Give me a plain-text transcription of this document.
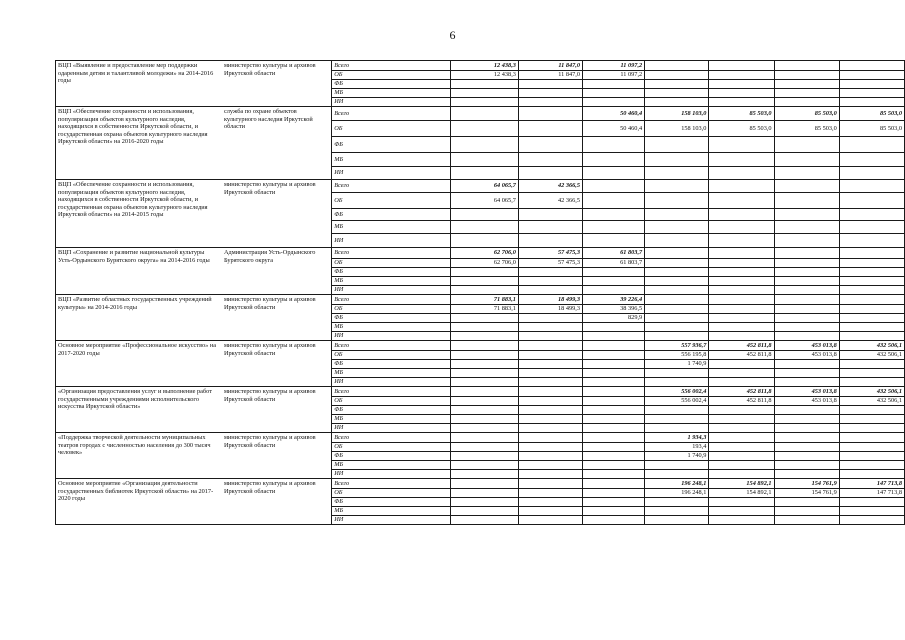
6
ВЦП «Выявление и предоставление мер поддержки одаренным детям и талантливой молодежи» на 2014-2016 годы	министерство культуры и архивов Иркутской области	Всего	12 438,3	11 847,0	11 097,2				
		ОБ	12 438,3	11 847,0	11 097,2				
		ФБ							
		МБ							
		ИИ							
ВЦП «Обеспечение сохранности и использования, популяризация объектов культурного наследия, находящихся в собственности Иркутской области, и государственная охрана объектов культурного наследия Иркутской области» на 2016-2020 годы	служба по охране объектов культурного наследия Иркутской области	Всего			50 460,4	158 103,0	85 503,0	85 503,0	85 503,0
		ОБ			50 460,4	158 103,0	85 503,0	85 503,0	85 503,0
		ФБ							
		МБ							
		ИИ							
ВЦП «Обеспечение сохранности и использования, популяризация объектов культурного наследия, находящихся в собственности Иркутской области, и государственная охрана объектов культурного наследия Иркутской области» на 2014-2015 годы	министерство культуры и архивов Иркутской области	Всего	64 065,7	42 366,5					
		ОБ	64 065,7	42 366,5					
		ФБ							
		МБ							
		ИИ							
ВЦП «Сохранение и развитие национальной культуры Усть-Ордынского Бурятского округа» на 2014-2016 годы	Администрация Усть-Ордынского Бурятского округа	Всего	62 706,0	57 475,3	61 803,7				
		ОБ	62 706,0	57 475,3	61 803,7				
		ФБ							
		МБ							
		ИИ							
ВЦП «Развитие областных государственных учреждений культуры» на 2014-2016 годы	министерство культуры и архивов Иркутской области	Всего	71 883,1	18 499,3	39 226,4				
		ОБ	71 883,1	18 499,3	38 396,5				
		ФБ			829,9				
		МБ							
		ИИ							
Основное мероприятие «Профессиональное искусство» на 2017-2020 годы	министерство культуры и архивов Иркутской области	Всего				557 936,7	452 811,8	453 013,8	432 506,1
		ОБ				556 195,8	452 811,8	453 013,8	432 506,1
		ФБ				1 740,9			
		МБ							
		ИИ							
«Организация предоставления услуг и выполнение работ государственными учреждениями исполнительского искусства Иркутской области»	министерство культуры и архивов Иркутской области	Всего				556 002,4	452 811,8	453 013,8	432 506,1
		ОБ				556 002,4	452 811,8	453 013,8	432 506,1
		ФБ							
		МБ							
		ИИ							
«Поддержка творческой деятельности муниципальных театров городах с численностью населения до 300 тысяч человек»	министерство культуры и архивов Иркутской области	Всего				1 934,3			
		ОБ				193,4			
		ФБ				1 740,9			
		МБ							
		ИИ							
Основное мероприятие «Организация деятельности государственных библиотек Иркутской области» на 2017-2020 годы	министерство культуры и архивов Иркутской области	Всего				196 248,1	154 892,1	154 761,9	147 713,8
		ОБ				196 248,1	154 892,1	154 761,9	147 713,8
		ФБ							
		МБ							
		ИИ							
